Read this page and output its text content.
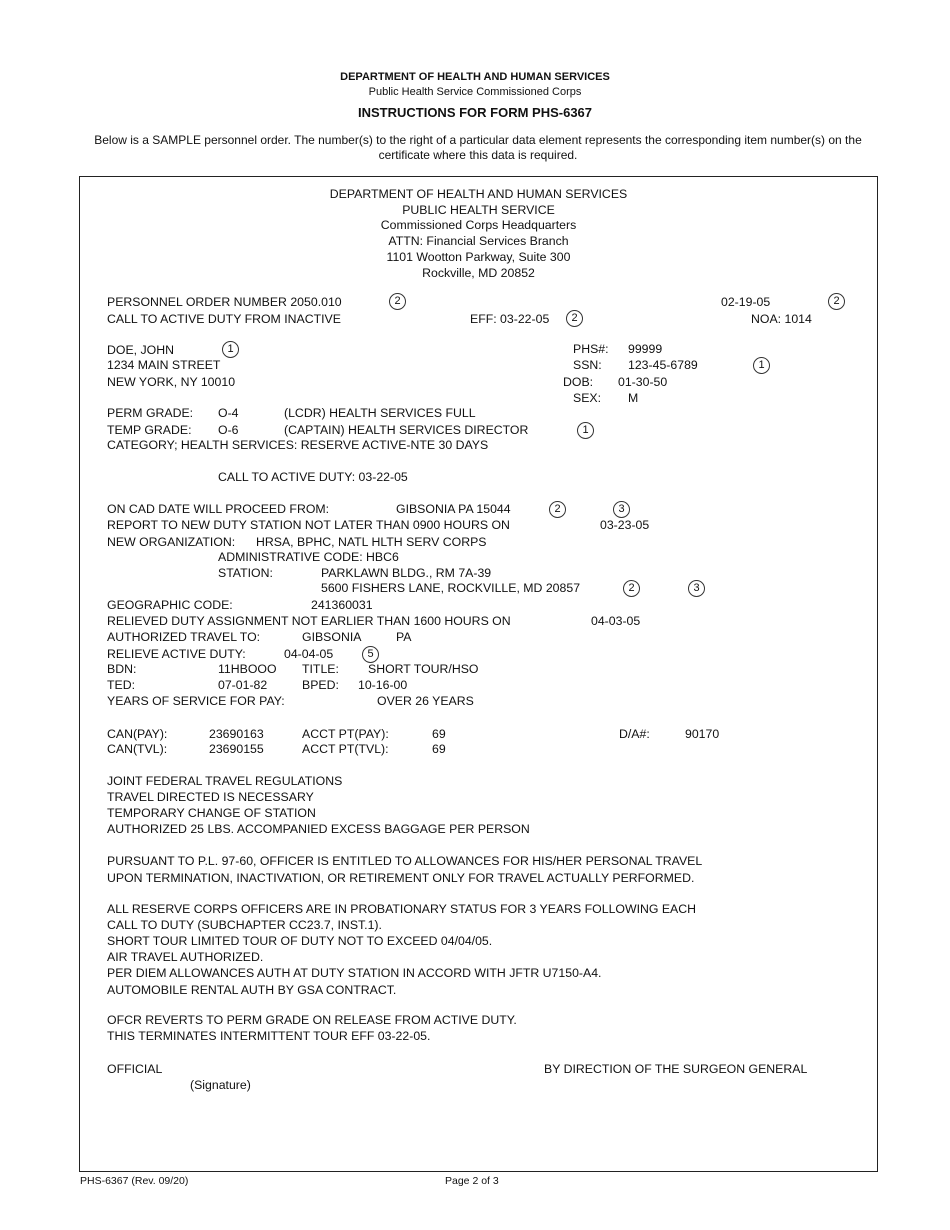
DEPARTMENT OF HEALTH AND HUMAN SERVICES
Public Health Service Commissioned Corps
INSTRUCTIONS FOR FORM PHS-6367
Below is a SAMPLE personnel order. The number(s) to the right of a particular data element represents the corresponding item number(s) on the certificate where this data is required.
DEPARTMENT OF HEALTH AND HUMAN SERVICES
PUBLIC HEALTH SERVICE
Commissioned Corps Headquarters
ATTN: Financial Services Branch
1101 Wootton Parkway, Suite 300
Rockville, MD 20852
PERSONNEL ORDER NUMBER 2050.010	2	02-19-05	2
CALL TO ACTIVE DUTY FROM INACTIVE	EFF: 03-22-05	2	NOA: 1014
DOE, JOHN	1
1234 MAIN STREET
NEW YORK, NY 10010
PHS#: 99999
SSN: 123-45-6789	1
DOB: 01-30-50
SEX: M
PERM GRADE: O-4	(LCDR) HEALTH SERVICES FULL
TEMP GRADE: O-6	(CAPTAIN) HEALTH SERVICES DIRECTOR	1
CATEGORY; HEALTH SERVICES: RESERVE ACTIVE-NTE 30 DAYS
CALL TO ACTIVE DUTY: 03-22-05
ON CAD DATE WILL PROCEED FROM:	GIBSONIA PA 15044	2	3
REPORT TO NEW DUTY STATION NOT LATER THAN 0900 HOURS ON	03-23-05
NEW ORGANIZATION: HRSA, BPHC, NATL HLTH SERV CORPS
ADMINISTRATIVE CODE: HBC6
STATION:	PARKLAWN BLDG., RM 7A-39
5600 FISHERS LANE, ROCKVILLE, MD 20857	2	3
GEOGRAPHIC CODE:	241360031
RELIEVED DUTY ASSIGNMENT NOT EARLIER THAN 1600 HOURS ON	04-03-05
AUTHORIZED TRAVEL TO:	GIBSONIA	PA
RELIEVE ACTIVE DUTY:	04-04-05	5
BDN:	11HBOOO TITLE: SHORT TOUR/HSO
TED:	07-01-82	BPED: 10-16-00
YEARS OF SERVICE FOR PAY:	OVER 26 YEARS
CAN(PAY):	23690163	ACCT PT(PAY):	69	D/A#:	90170
CAN(TVL):	23690155	ACCT PT(TVL):	69
JOINT FEDERAL TRAVEL REGULATIONS
TRAVEL DIRECTED IS NECESSARY
TEMPORARY CHANGE OF STATION
AUTHORIZED 25 LBS. ACCOMPANIED EXCESS BAGGAGE PER PERSON
PURSUANT TO P.L. 97-60, OFFICER IS ENTITLED TO ALLOWANCES FOR HIS/HER PERSONAL TRAVEL
UPON TERMINATION, INACTIVATION, OR RETIREMENT ONLY FOR TRAVEL ACTUALLY PERFORMED.
ALL RESERVE CORPS OFFICERS ARE IN PROBATIONARY STATUS FOR 3 YEARS FOLLOWING EACH
CALL TO DUTY (SUBCHAPTER CC23.7, INST.1).
SHORT TOUR LIMITED TOUR OF DUTY NOT TO EXCEED 04/04/05.
AIR TRAVEL AUTHORIZED.
PER DIEM ALLOWANCES AUTH AT DUTY STATION IN ACCORD WITH JFTR U7150-A4.
AUTOMOBILE RENTAL AUTH BY GSA CONTRACT.
OFCR REVERTS TO PERM GRADE ON RELEASE FROM ACTIVE DUTY.
THIS TERMINATES INTERMITTENT TOUR EFF 03-22-05.
OFFICIAL
(Signature)
BY DIRECTION OF THE SURGEON GENERAL
PHS-6367 (Rev. 09/20)	Page 2 of 3
